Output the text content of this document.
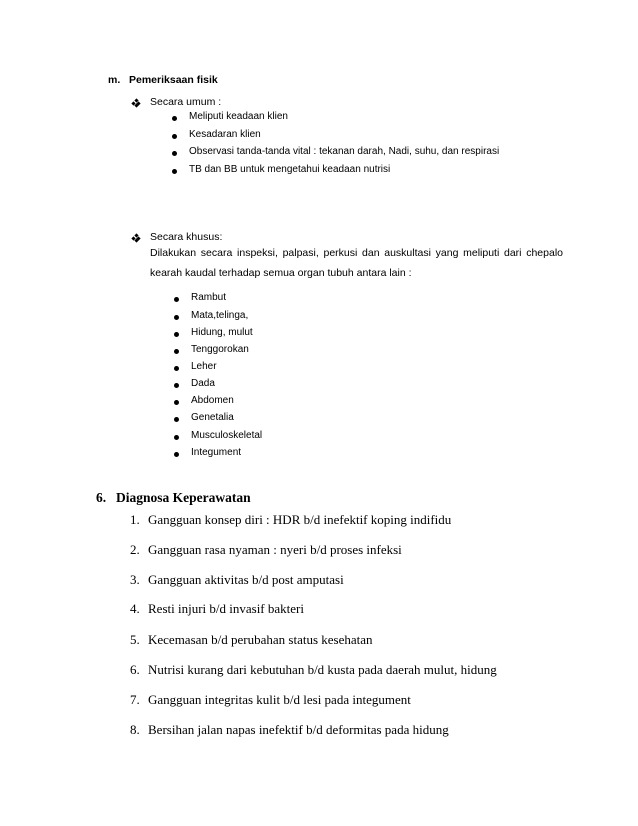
m. Pemeriksaan fisik
Secara umum :
Meliputi keadaan klien
Kesadaran klien
Observasi tanda-tanda vital : tekanan darah, Nadi, suhu, dan respirasi
TB dan BB untuk mengetahui keadaan nutrisi
Secara khusus:
Dilakukan secara inspeksi, palpasi, perkusi dan auskultasi yang meliputi dari chepalo kearah kaudal terhadap semua organ tubuh antara lain :
Rambut
Mata,telinga,
Hidung, mulut
Tenggorokan
Leher
Dada
Abdomen
Genetalia
Musculoskeletal
Integument
6. Diagnosa Keperawatan
1. Gangguan konsep diri : HDR b/d inefektif koping indifidu
2. Gangguan rasa nyaman : nyeri b/d proses infeksi
3. Gangguan aktivitas b/d post amputasi
4. Resti injuri b/d invasif bakteri
5. Kecemasan b/d perubahan status kesehatan
6. Nutrisi kurang dari kebutuhan b/d kusta pada daerah mulut, hidung
7. Gangguan integritas kulit b/d lesi pada integument
8. Bersihan jalan napas inefektif b/d deformitas pada hidung
